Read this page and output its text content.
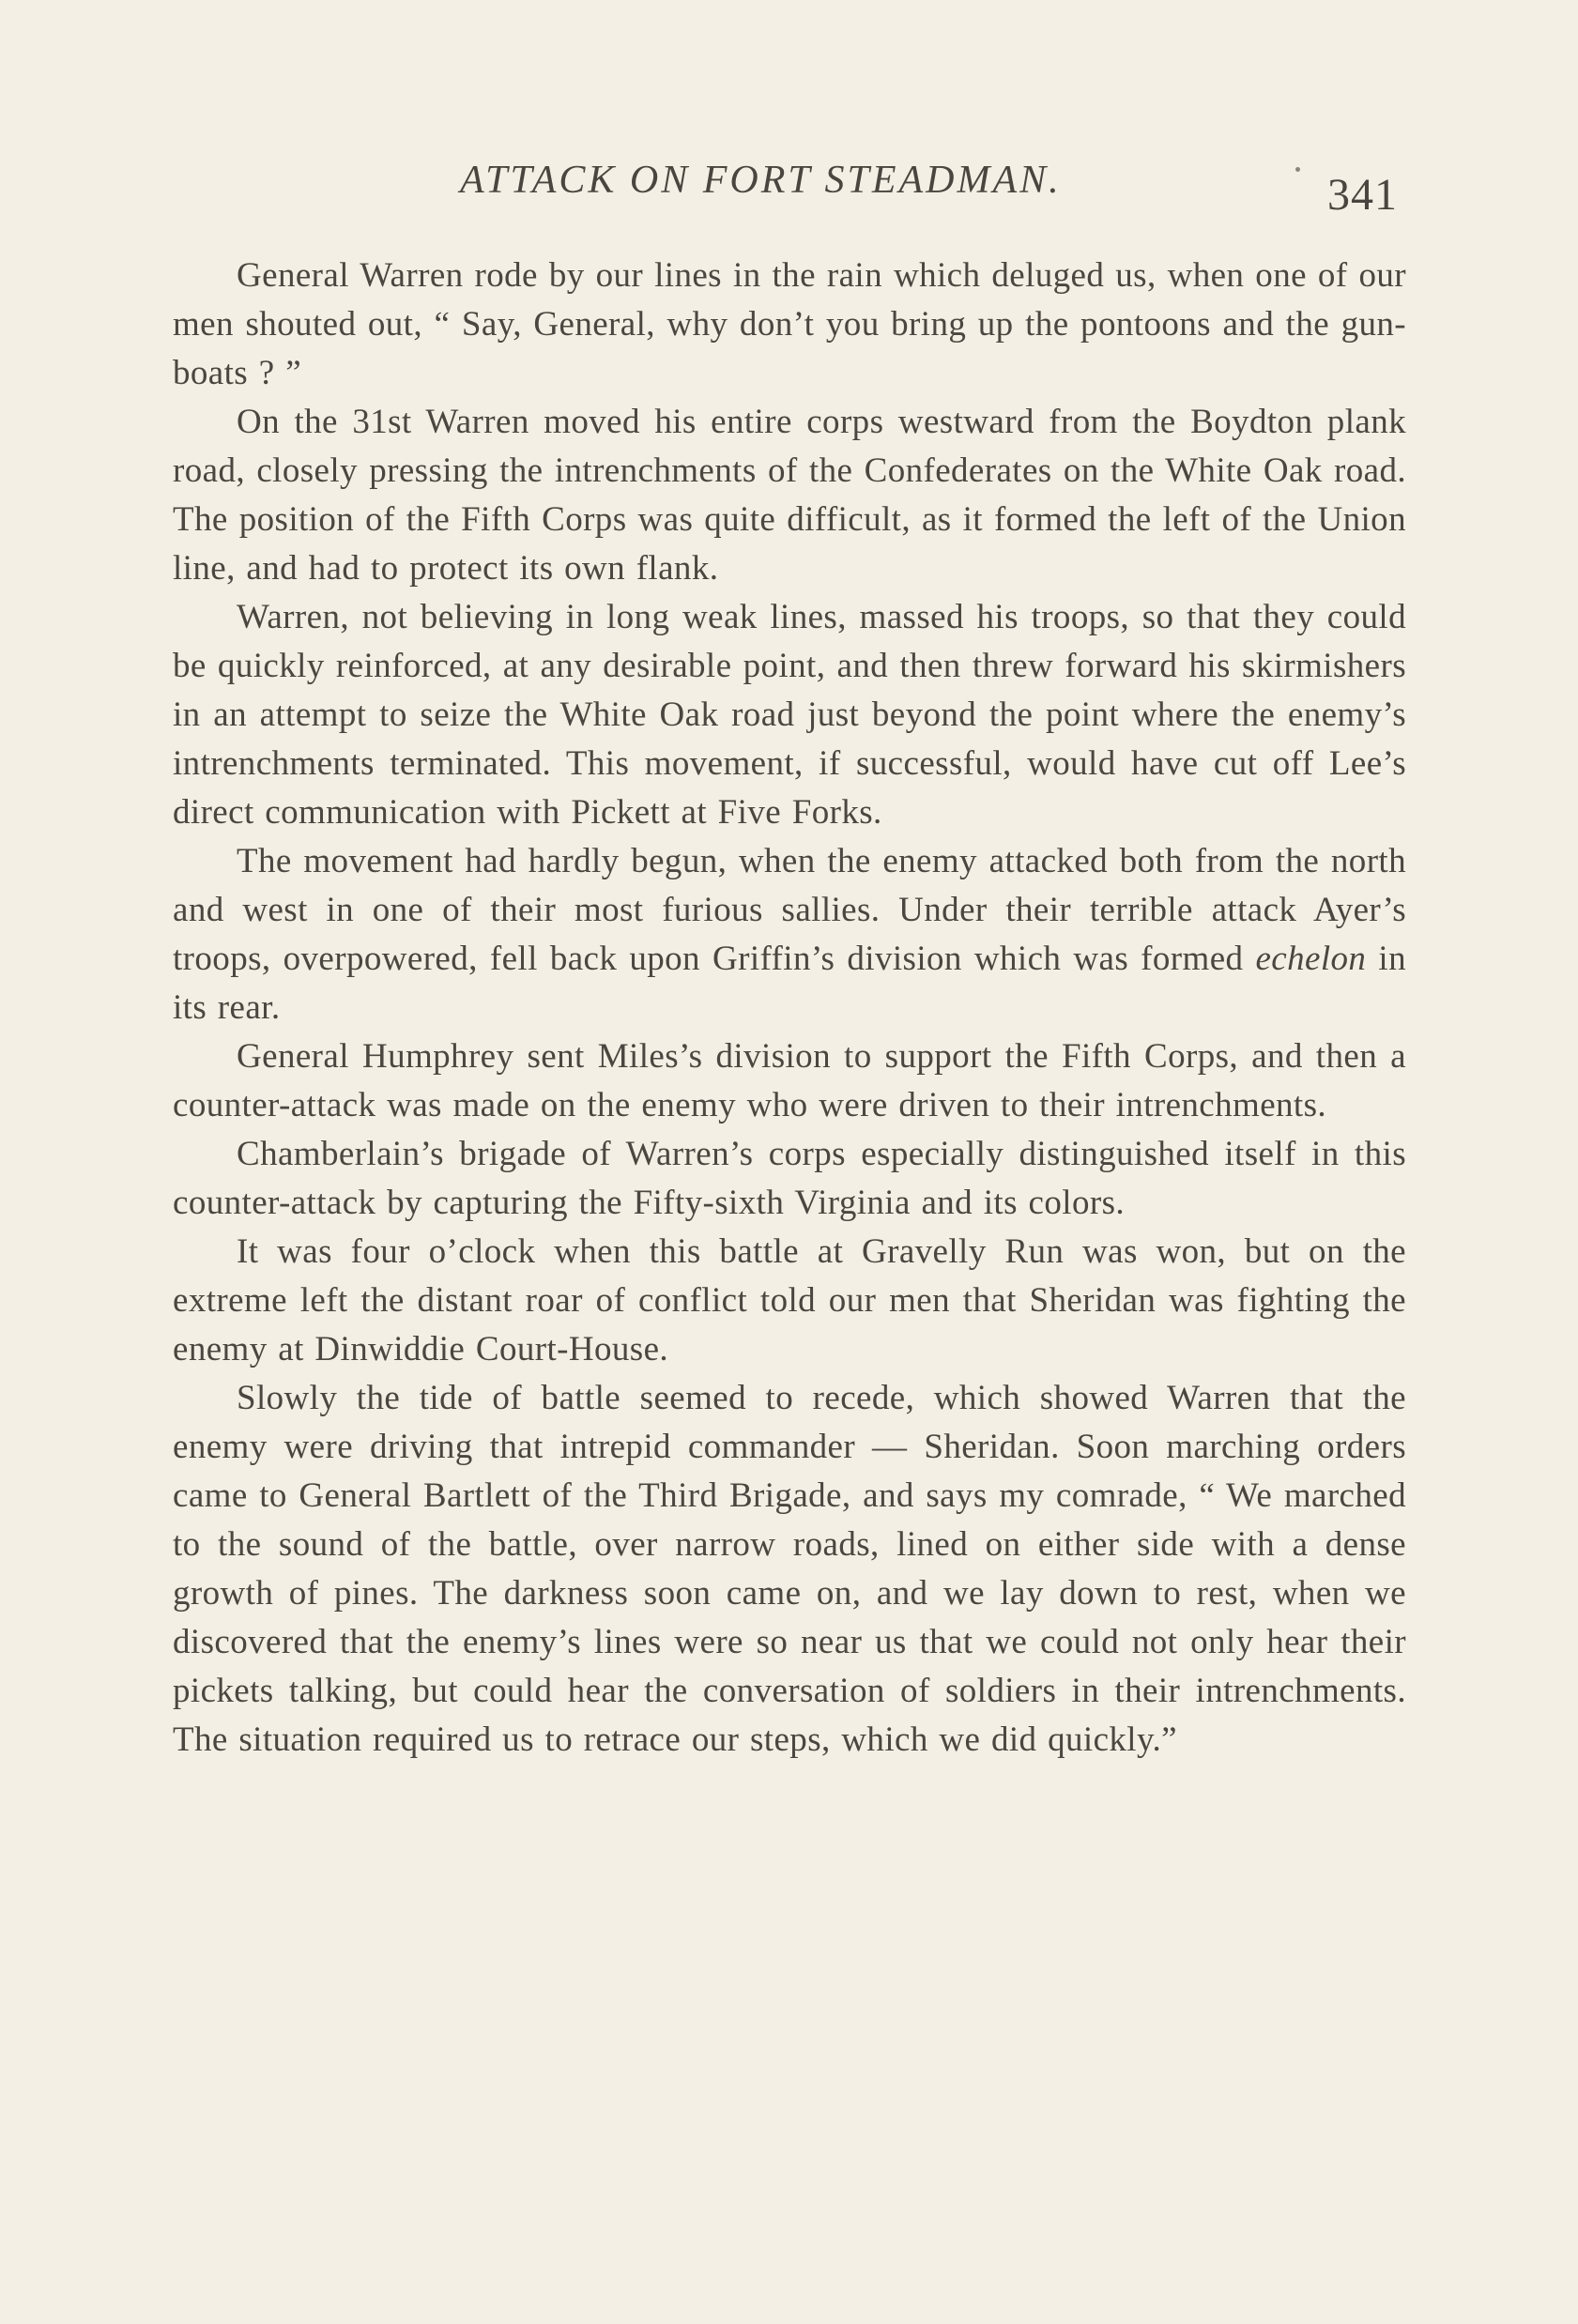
ATTACK ON FORT STEADMAN.	341

General Warren rode by our lines in the rain which deluged us, when one of our men shouted out, “ Say, General, why don’t you bring up the pontoons and the gun-boats ? ”

On the 31st Warren moved his entire corps westward from the Boydton plank road, closely pressing the intrenchments of the Confederates on the White Oak road. The position of the Fifth Corps was quite difficult, as it formed the left of the Union line, and had to protect its own flank.

Warren, not believing in long weak lines, massed his troops, so that they could be quickly reinforced, at any desirable point, and then threw forward his skirmishers in an attempt to seize the White Oak road just beyond the point where the enemy’s intrenchments terminated. This movement, if successful, would have cut off Lee’s direct communication with Pickett at Five Forks.

The movement had hardly begun, when the enemy attacked both from the north and west in one of their most furious sallies. Under their terrible attack Ayer’s troops, overpowered, fell back upon Griffin’s division which was formed echelon in its rear.

General Humphrey sent Miles’s division to support the Fifth Corps, and then a counter-attack was made on the enemy who were driven to their intrenchments.

Chamberlain’s brigade of Warren’s corps especially distinguished itself in this counter-attack by capturing the Fifty-sixth Virginia and its colors.

It was four o’clock when this battle at Gravelly Run was won, but on the extreme left the distant roar of conflict told our men that Sheridan was fighting the enemy at Dinwiddie Court-House.

Slowly the tide of battle seemed to recede, which showed Warren that the enemy were driving that intrepid commander — Sheridan. Soon marching orders came to General Bartlett of the Third Brigade, and says my comrade, “ We marched to the sound of the battle, over narrow roads, lined on either side with a dense growth of pines. The darkness soon came on, and we lay down to rest, when we discovered that the enemy’s lines were so near us that we could not only hear their pickets talking, but could hear the conversation of soldiers in their intrenchments. The situation required us to retrace our steps, which we did quickly.”
